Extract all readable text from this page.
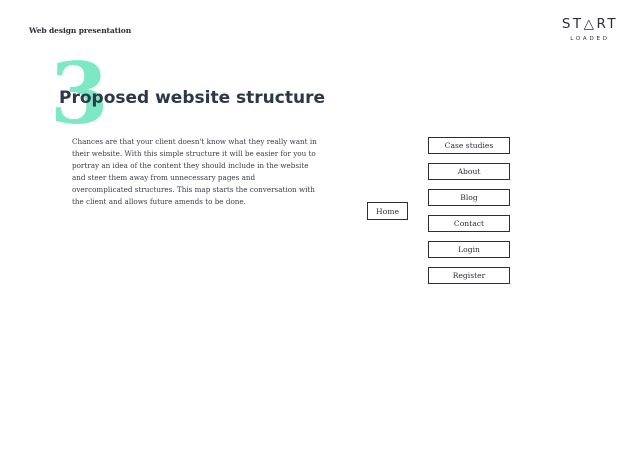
Web design presentation	ST△RT
LOADED
3
Proposed website structure
Chances are that your client doesn't know what they really want in their website. With this simple structure it will be easier for you to portray an idea of the content they should include in the website and steer them away from unnecessary pages and overcomplicated structures. This map starts the conversation with the client and allows future amends to be done.
Home
Case studies
About
Blog
Contact
Login
Register
